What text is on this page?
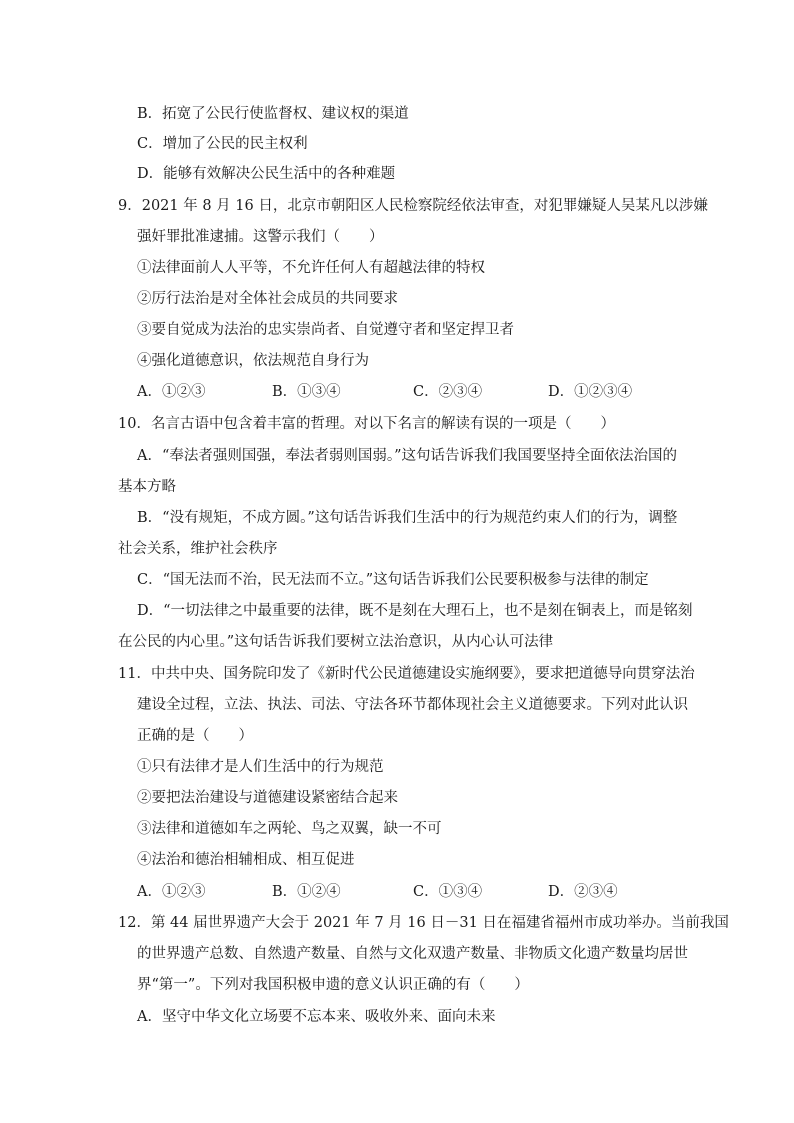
B．拓宽了公民行使监督权、建议权的渠道
C．增加了公民的民主权利
D．能够有效解决公民生活中的各种难题
9．2021 年 8 月 16 日，北京市朝阳区人民检察院经依法审查，对犯罪嫌疑人吴某凡以涉嫌
强奸罪批准逮捕。这警示我们（　　）
①法律面前人人平等，不允许任何人有超越法律的特权
②厉行法治是对全体社会成员的共同要求
③要自觉成为法治的忠实崇尚者、自觉遵守者和坚定捍卫者
④强化道德意识，依法规范自身行为
A．①②③	B．①③④	C．②③④	D．①②③④
10．名言古语中包含着丰富的哲理。对以下名言的解读有误的一项是（　　）
A．“奉法者强则国强，奉法者弱则国弱。”这句话告诉我们我国要坚持全面依法治国的
基本方略
B．“没有规矩，不成方圆。”这句话告诉我们生活中的行为规范约束人们的行为，调整
社会关系，维护社会秩序
C．“国无法而不治，民无法而不立。”这句话告诉我们公民要积极参与法律的制定
D．“一切法律之中最重要的法律，既不是刻在大理石上，也不是刻在铜表上，而是铭刻
在公民的内心里。”这句话告诉我们要树立法治意识，从内心认可法律
11．中共中央、国务院印发了《新时代公民道德建设实施纲要》，要求把道德导向贯穿法治
建设全过程，立法、执法、司法、守法各环节都体现社会主义道德要求。下列对此认识
正确的是（　　）
①只有法律才是人们生活中的行为规范
②要把法治建设与道德建设紧密结合起来
③法律和道德如车之两轮、鸟之双翼，缺一不可
④法治和德治相辅相成、相互促进
A．①②③	B．①②④	C．①③④	D．②③④
12．第 44 届世界遗产大会于 2021 年 7 月 16 日－31 日在福建省福州市成功举办。当前我国
的世界遗产总数、自然遗产数量、自然与文化双遗产数量、非物质文化遗产数量均居世
界“第一”。下列对我国积极申遗的意义认识正确的有（　　）
A．坚守中华文化立场要不忘本来、吸收外来、面向未来
